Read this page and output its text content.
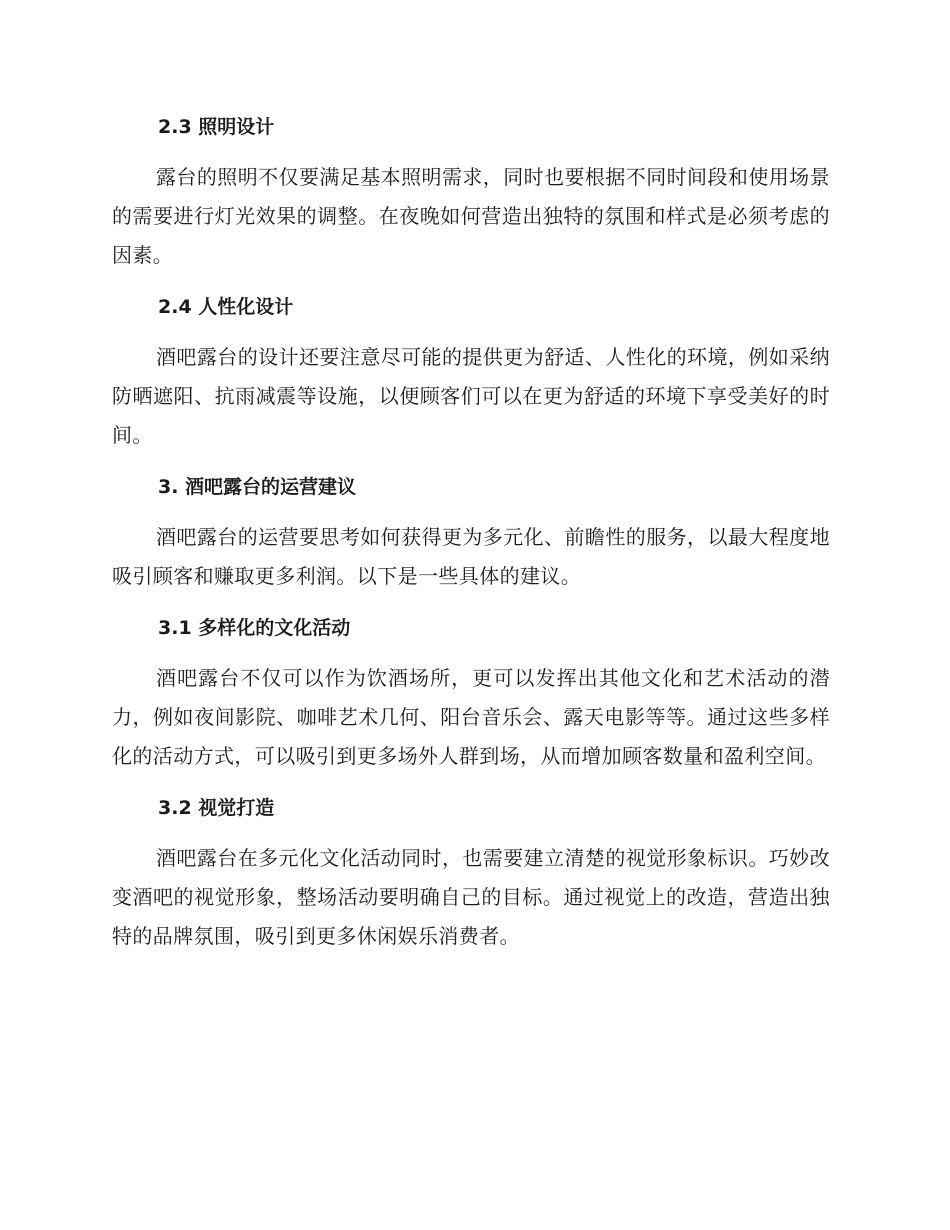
2.3 照明设计

露台的照明不仅要满足基本照明需求，同时也要根据不同时间段和使用场景的需要进行灯光效果的调整。在夜晚如何营造出独特的氛围和样式是必须考虑的因素。

2.4 人性化设计

酒吧露台的设计还要注意尽可能的提供更为舒适、人性化的环境，例如采纳防晒遮阳、抗雨减震等设施，以便顾客们可以在更为舒适的环境下享受美好的时间。

3. 酒吧露台的运营建议

酒吧露台的运营要思考如何获得更为多元化、前瞻性的服务，以最大程度地吸引顾客和赚取更多利润。以下是一些具体的建议。

3.1 多样化的文化活动

酒吧露台不仅可以作为饮酒场所，更可以发挥出其他文化和艺术活动的潜力，例如夜间影院、咖啡艺术几何、阳台音乐会、露天电影等等。通过这些多样化的活动方式，可以吸引到更多场外人群到场，从而增加顾客数量和盈利空间。

3.2 视觉打造

酒吧露台在多元化文化活动同时，也需要建立清楚的视觉形象标识。巧妙改变酒吧的视觉形象，整场活动要明确自己的目标。通过视觉上的改造，营造出独特的品牌氛围，吸引到更多休闲娱乐消费者。
